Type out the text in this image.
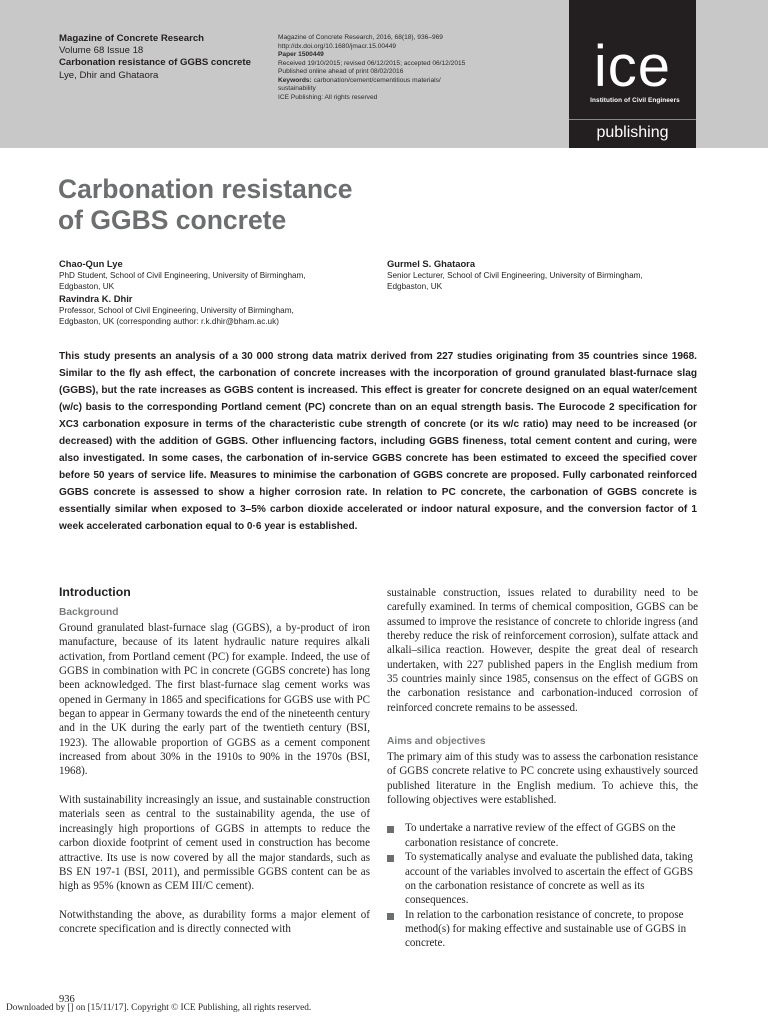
Magazine of Concrete Research
Volume 68 Issue 18
Carbonation resistance of GGBS concrete
Lye, Dhir and Ghataora
Magazine of Concrete Research, 2016, 68(18), 936–969
http://dx.doi.org/10.1680/jmacr.15.00449
Paper 1500449
Received 19/10/2015; revised 06/12/2015; accepted 06/12/2015
Published online ahead of print 08/02/2016
Keywords: carbonation/cement/cementitious materials/
sustainability
ICE Publishing: All rights reserved	ice
Institution of Civil Engineers
publishing
Carbonation resistance
of GGBS concrete
Chao-Qun Lye
PhD Student, School of Civil Engineering, University of Birmingham,
Edgbaston, UK
Ravindra K. Dhir
Professor, School of Civil Engineering, University of Birmingham,
Edgbaston, UK (corresponding author: r.k.dhir@bham.ac.uk)
Gurmel S. Ghataora
Senior Lecturer, School of Civil Engineering, University of Birmingham,
Edgbaston, UK
This study presents an analysis of a 30 000 strong data matrix derived from 227 studies originating from 35 countries since 1968. Similar to the fly ash effect, the carbonation of concrete increases with the incorporation of ground granulated blast-furnace slag (GGBS), but the rate increases as GGBS content is increased. This effect is greater for concrete designed on an equal water/cement (w/c) basis to the corresponding Portland cement (PC) concrete than on an equal strength basis. The Eurocode 2 specification for XC3 carbonation exposure in terms of the characteristic cube strength of concrete (or its w/c ratio) may need to be increased (or decreased) with the addition of GGBS. Other influencing factors, including GGBS fineness, total cement content and curing, were also investigated. In some cases, the carbonation of in-service GGBS concrete has been estimated to exceed the specified cover before 50 years of service life. Measures to minimise the carbonation of GGBS concrete are proposed. Fully carbonated reinforced GGBS concrete is assessed to show a higher corrosion rate. In relation to PC concrete, the carbonation of GGBS concrete is essentially similar when exposed to 3–5% carbon dioxide accelerated or indoor natural exposure, and the conversion factor of 1 week accelerated carbonation equal to 0·6 year is established.
Introduction
Background

Ground granulated blast-furnace slag (GGBS), a by-product of iron manufacture, because of its latent hydraulic nature requires alkali activation, from Portland cement (PC) for example. Indeed, the use of GGBS in combination with PC in concrete (GGBS concrete) has long been acknowledged. The first blast-furnace slag cement works was opened in Germany in 1865 and specifications for GGBS use with PC began to appear in Germany towards the end of the nineteenth century and in the UK during the early part of the twentieth century (BSI, 1923). The allowable proportion of GGBS as a cement component increased from about 30% in the 1910s to 90% in the 1970s (BSI, 1968).

With sustainability increasingly an issue, and sustainable construction materials seen as central to the sustainability agenda, the use of increasingly high proportions of GGBS in attempts to reduce the carbon dioxide footprint of cement used in construction has become attractive. Its use is now covered by all the major standards, such as BS EN 197-1 (BSI, 2011), and permissible GGBS content can be as high as 95% (known as CEM III/C cement).

Notwithstanding the above, as durability forms a major element of concrete specification and is directly connected with

sustainable construction, issues related to durability need to be carefully examined. In terms of chemical composition, GGBS can be assumed to improve the resistance of concrete to chloride ingress (and thereby reduce the risk of reinforcement corrosion), sulfate attack and alkali–silica reaction. However, despite the great deal of research undertaken, with 227 published papers in the English medium from 35 countries mainly since 1985, consensus on the effect of GGBS on the carbonation resistance and carbonation-induced corrosion of reinforced concrete remains to be assessed.

Aims and objectives

The primary aim of this study was to assess the carbonation resistance of GGBS concrete relative to PC concrete using exhaustively sourced published literature in the English medium. To achieve this, the following objectives were established.

To undertake a narrative review of the effect of GGBS on the carbonation resistance of concrete.
To systematically analyse and evaluate the published data, taking account of the variables involved to ascertain the effect of GGBS on the carbonation resistance of concrete as well as its consequences.
In relation to the carbonation resistance of concrete, to propose method(s) for making effective and sustainable use of GGBS in concrete.
936
Downloaded by [] on [15/11/17]. Copyright © ICE Publishing, all rights reserved.
